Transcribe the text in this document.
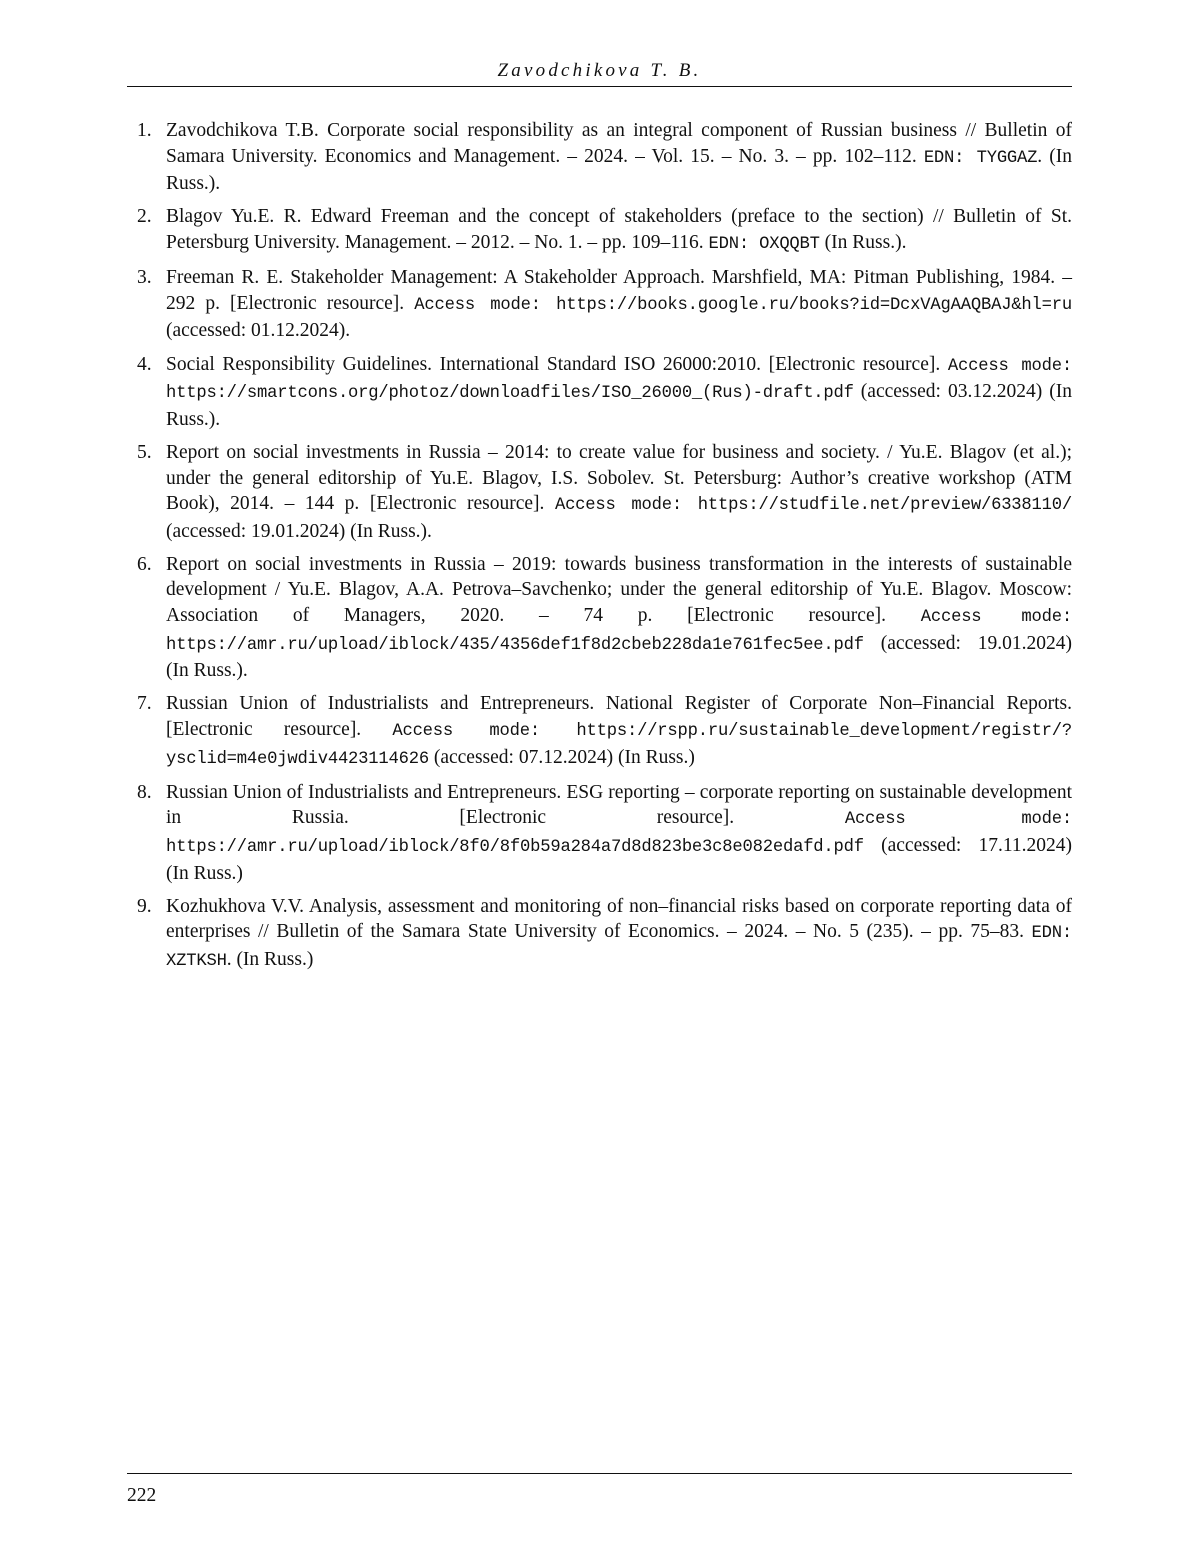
Zavodchikova T. B.
1. Zavodchikova T.B. Corporate social responsibility as an integral component of Russian business // Bulletin of Samara University. Economics and Management. – 2024. – Vol. 15. – No. 3. – pp. 102–112. EDN: TYGGAZ. (In Russ.).
2. Blagov Yu.E. R. Edward Freeman and the concept of stakeholders (preface to the section) // Bulletin of St. Petersburg University. Management. – 2012. – No. 1. – pp. 109–116. EDN: OXQQBT (In Russ.).
3. Freeman R. E. Stakeholder Management: A Stakeholder Approach. Marshfield, MA: Pitman Publishing, 1984. – 292 p. [Electronic resource]. Access mode: https://books.google.ru/books?id=DcxVAgAAQBAJ&hl=ru (accessed: 01.12.2024).
4. Social Responsibility Guidelines. International Standard ISO 26000:2010. [Electronic resource]. Access mode: https://smartcons.org/photoz/downloadfiles/ISO_26000_(Rus)-draft.pdf (accessed: 03.12.2024) (In Russ.).
5. Report on social investments in Russia – 2014: to create value for business and society. / Yu.E. Blagov (et al.); under the general editorship of Yu.E. Blagov, I.S. Sobolev. St. Petersburg: Author’s creative workshop (ATM Book), 2014. – 144 p. [Electronic resource]. Access mode: https://studfile.net/preview/6338110/ (accessed: 19.01.2024) (In Russ.).
6. Report on social investments in Russia – 2019: towards business transformation in the interests of sustainable development / Yu.E. Blagov, A.A. Petrova–Savchenko; under the general editorship of Yu.E. Blagov. Moscow: Association of Managers, 2020. – 74 p. [Electronic resource]. Access mode: https://amr.ru/upload/iblock/435/4356def1f8d2cbeb228da1e761fec5ee.pdf (accessed: 19.01.2024) (In Russ.).
7. Russian Union of Industrialists and Entrepreneurs. National Register of Corporate Non–Financial Reports. [Electronic resource]. Access mode: https://rspp.ru/sustainable_development/registr/?ysclid=m4e0jwdiv4423114626 (accessed: 07.12.2024) (In Russ.)
8. Russian Union of Industrialists and Entrepreneurs. ESG reporting – corporate reporting on sustainable development in Russia. [Electronic resource]. Access mode: https://amr.ru/upload/iblock/8f0/8f0b59a284a7d8d823be3c8e082edafd.pdf (accessed: 17.11.2024) (In Russ.)
9. Kozhukhova V.V. Analysis, assessment and monitoring of non–financial risks based on corporate reporting data of enterprises // Bulletin of the Samara State University of Economics. – 2024. – No. 5 (235). – pp. 75–83. EDN: XZTKSH. (In Russ.)
222
